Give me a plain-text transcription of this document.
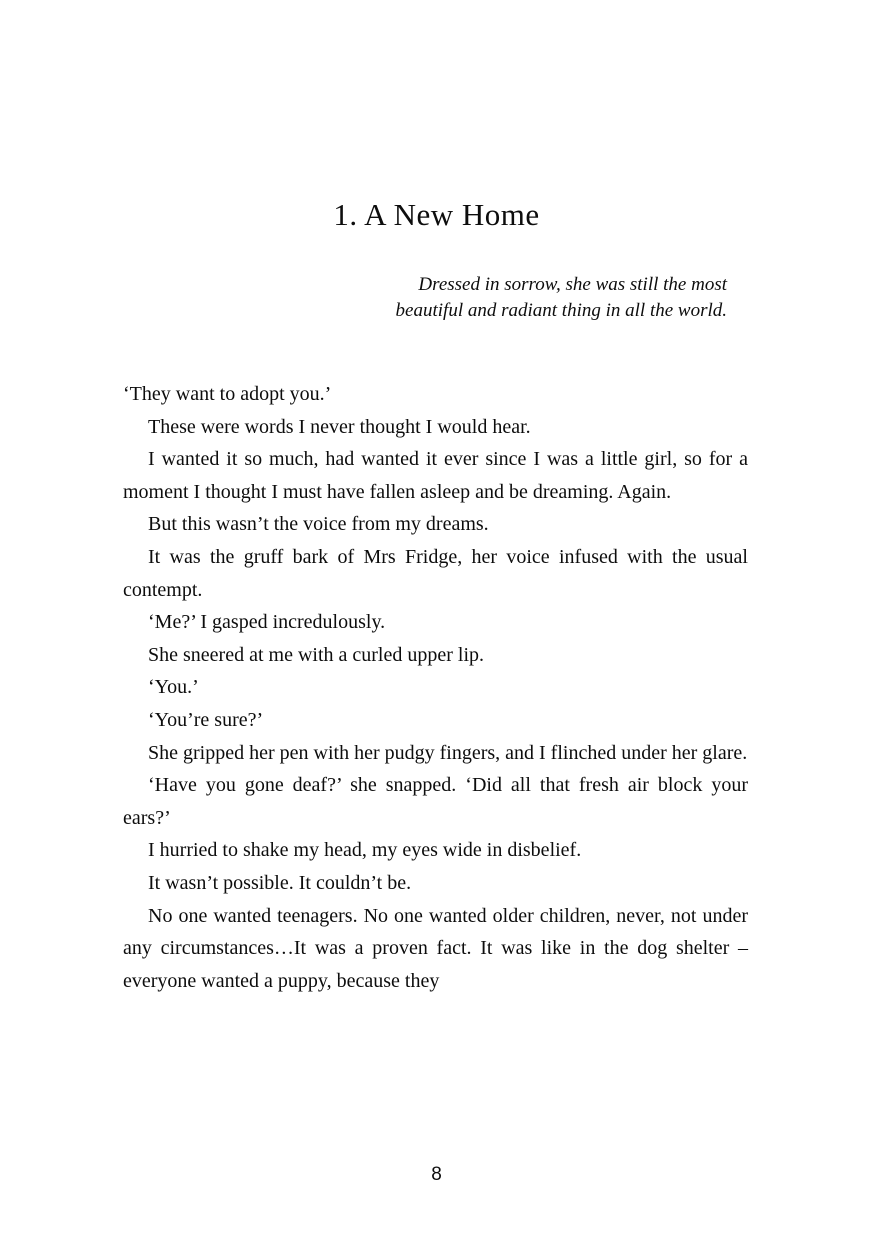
1. A New Home
Dressed in sorrow, she was still the most
beautiful and radiant thing in all the world.

‘They want to adopt you.’

These were words I never thought I would hear.

I wanted it so much, had wanted it ever since I was a little girl, so for a moment I thought I must have fallen asleep and be dreaming. Again.

But this wasn’t the voice from my dreams.

It was the gruff bark of Mrs Fridge, her voice infused with the usual contempt.

‘Me?’ I gasped incredulously.

She sneered at me with a curled upper lip.

‘You.’

‘You’re sure?’

She gripped her pen with her pudgy fingers, and I flinched under her glare.

‘Have you gone deaf?’ she snapped. ‘Did all that fresh air block your ears?’

I hurried to shake my head, my eyes wide in disbelief.

It wasn’t possible. It couldn’t be.

No one wanted teenagers. No one wanted older children, never, not under any circumstances…It was a proven fact. It was like in the dog shelter – everyone wanted a puppy, because they

8
